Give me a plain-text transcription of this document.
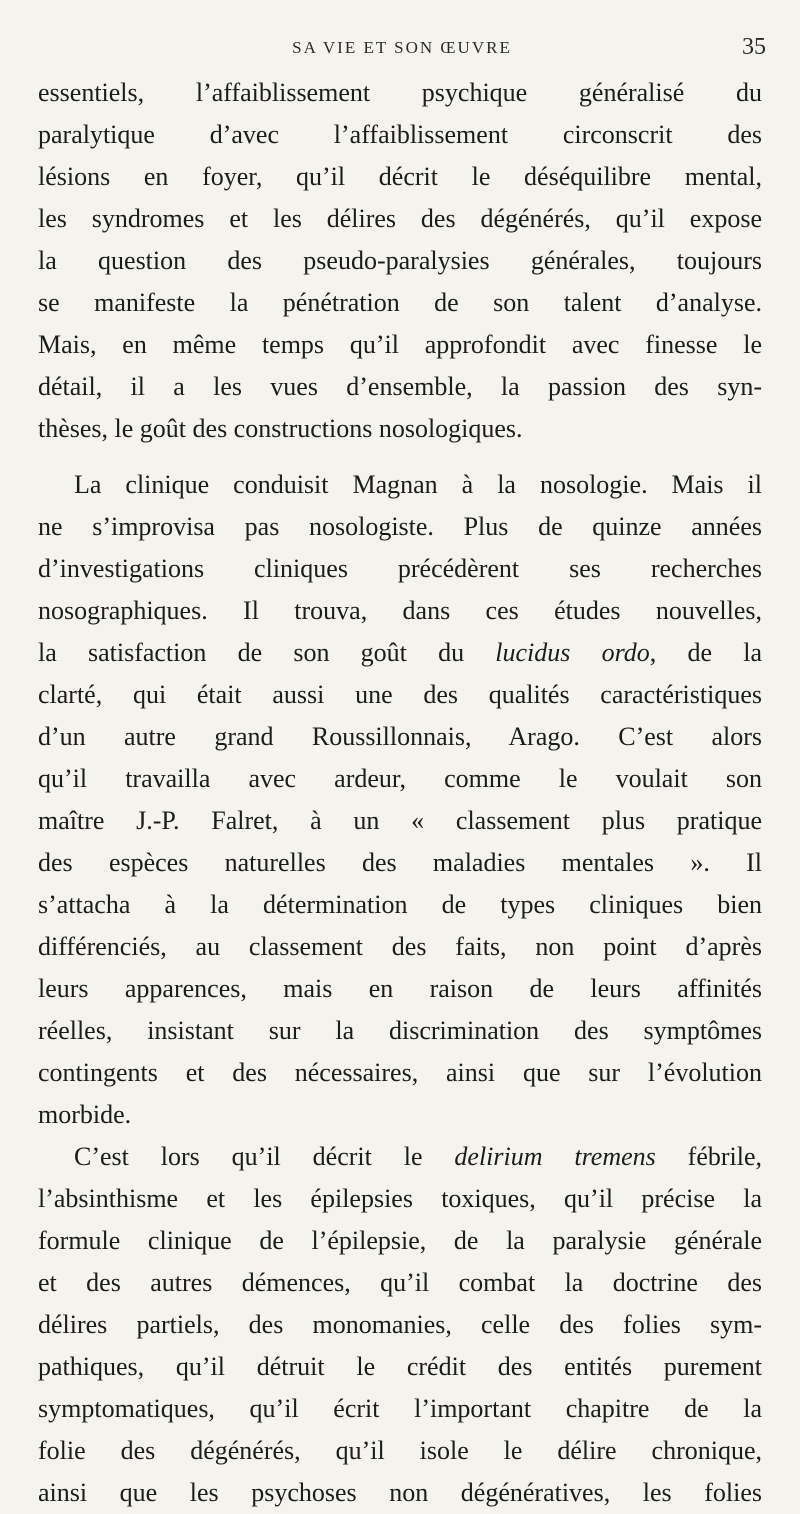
SA VIE ET SON ŒUVRE	35
essentiels, l’affaiblissement psychique généralisé du
paralytique d’avec l’affaiblissement circonscrit des
lésions en foyer, qu’il décrit le déséquilibre mental,
les syndromes et les délires des dégénérés, qu’il expose
la question des pseudo-paralysies générales, toujours
se manifeste la pénétration de son talent d’analyse.
Mais, en même temps qu’il approfondit avec finesse le
détail, il a les vues d’ensemble, la passion des syn-
thèses, le goût des constructions nosologiques.
La clinique conduisit Magnan à la nosologie. Mais il
ne s’improvisa pas nosologiste. Plus de quinze années
d’investigations cliniques précédèrent ses recherches
nosographiques. Il trouva, dans ces études nouvelles,
la satisfaction de son goût du lucidus ordo, de la
clarté, qui était aussi une des qualités caractéristiques
d’un autre grand Roussillonnais, Arago. C’est alors
qu’il travailla avec ardeur, comme le voulait son
maître J.-P. Falret, à un « classement plus pratique
des espèces naturelles des maladies mentales ». Il
s’attacha à la détermination de types cliniques bien
différenciés, au classement des faits, non point d’après
leurs apparences, mais en raison de leurs affinités
réelles, insistant sur la discrimination des symptômes
contingents et des nécessaires, ainsi que sur l’évolution
morbide.
C’est lors qu’il décrit le delirium tremens fébrile,
l’absinthisme et les épilepsies toxiques, qu’il précise la
formule clinique de l’épilepsie, de la paralysie générale
et des autres démences, qu’il combat la doctrine des
délires partiels, des monomanies, celle des folies sym-
pathiques, qu’il détruit le crédit des entités purement
symptomatiques, qu’il écrit l’important chapitre de la
folie des dégénérés, qu’il isole le délire chronique,
ainsi que les psychoses non dégénératives, les folies
